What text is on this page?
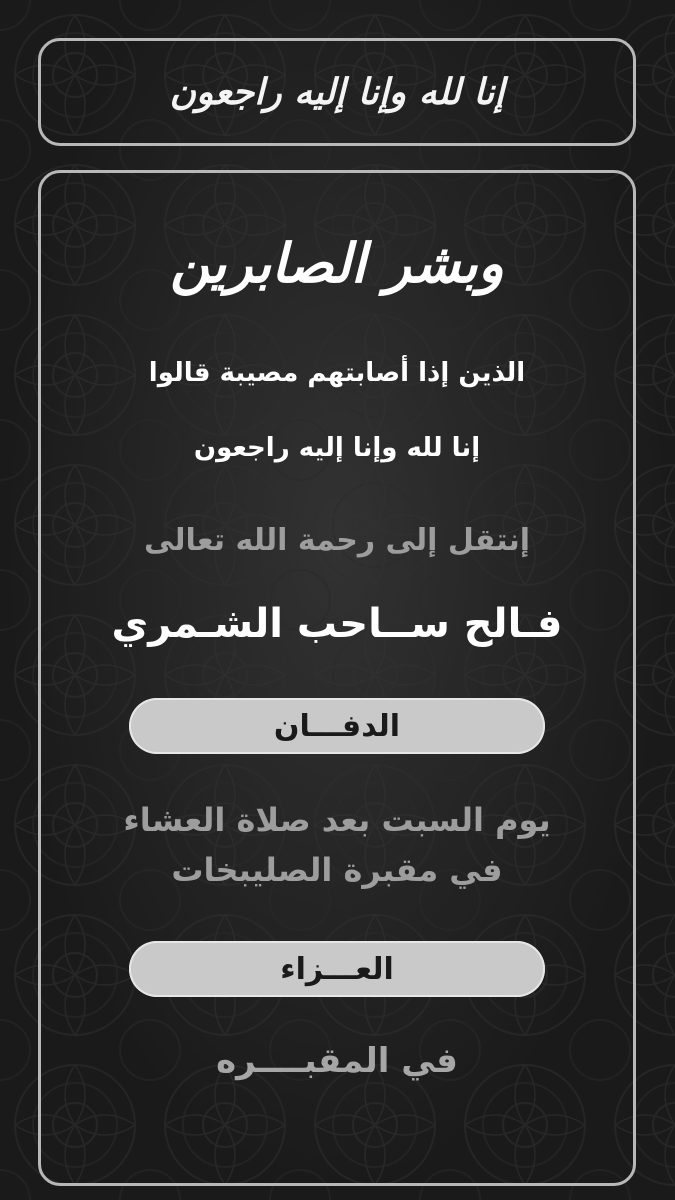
إنا لله وإنا إليه راجعون
وبشر الصابرين
الذين إذا أصابتهم مصيبة قالوا
إنا لله وإنا إليه راجعون
إنتقل إلى رحمة الله تعالى
فـالح ســاحب الشـمري
الدفـــان
يوم السبت بعد صلاة العشاء
في مقبرة الصليبخات
العـــزاء
في المقبــــره
